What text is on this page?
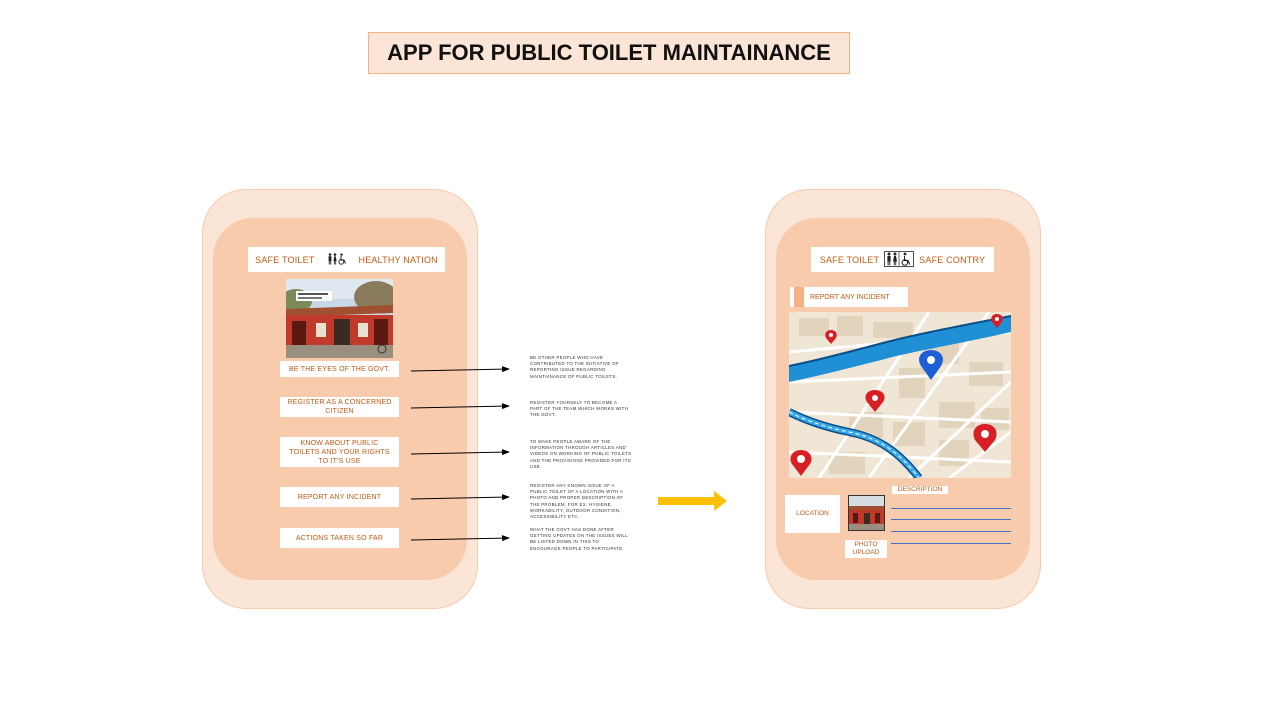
APP FOR PUBLIC TOILET MAINTAINANCE
SAFE TOILET	HEALTHY NATION
BE THE EYES OF THE GOVT.
REGISTER AS A CONCERNED CITIZEN
KNOW ABOUT PUBLIC TOILETS AND YOUR RIGHTS TO IT'S USE
REPORT ANY INCIDENT
ACTIONS TAKEN SO FAR
BE OTHER PEOPLE WHO HAVE CONTRIBUTED TO THE INITIATIVE OF REPORTING ISSUE REGARDING MAINTAINANCE OF PUBLIC TOILETS.
REGISTER YOURSELF TO BECOME A PART OF THE TEAM WHICH WORKS WITH THE GOVT.
TO MAKE PEOPLE AWARE OF THE INFORMATION THROUGH ARTICLES AND VIDEOS ON WORKING OF PUBLIC TOILETS AND THE PROVISIONS PROVIDED FOR ITS USE.
REGISTER ANY KNOWN ISSUE OF A PUBLIC TOILET OF A LOCATION WITH A PHOTO AND PROPER DESCRIPTION OF THE PROBLEM, FOR EX. HYGIENE, WORKABILITY, OUTDOOR CONDITION, ACCESSIBILITY ETC.
WHAT THE GOVT HAS DONE AFTER GETTING UPDATES ON THE ISSUES WILL BE LISTED DOWN IN THIS TO ENCOURAGE PEOPLE TO PARTICIPATE.
SAFE TOILET	SAFE CONTRY
REPORT ANY INCIDENT
LOCATION
DESCRIPTION
PHOTO UPLOAD
